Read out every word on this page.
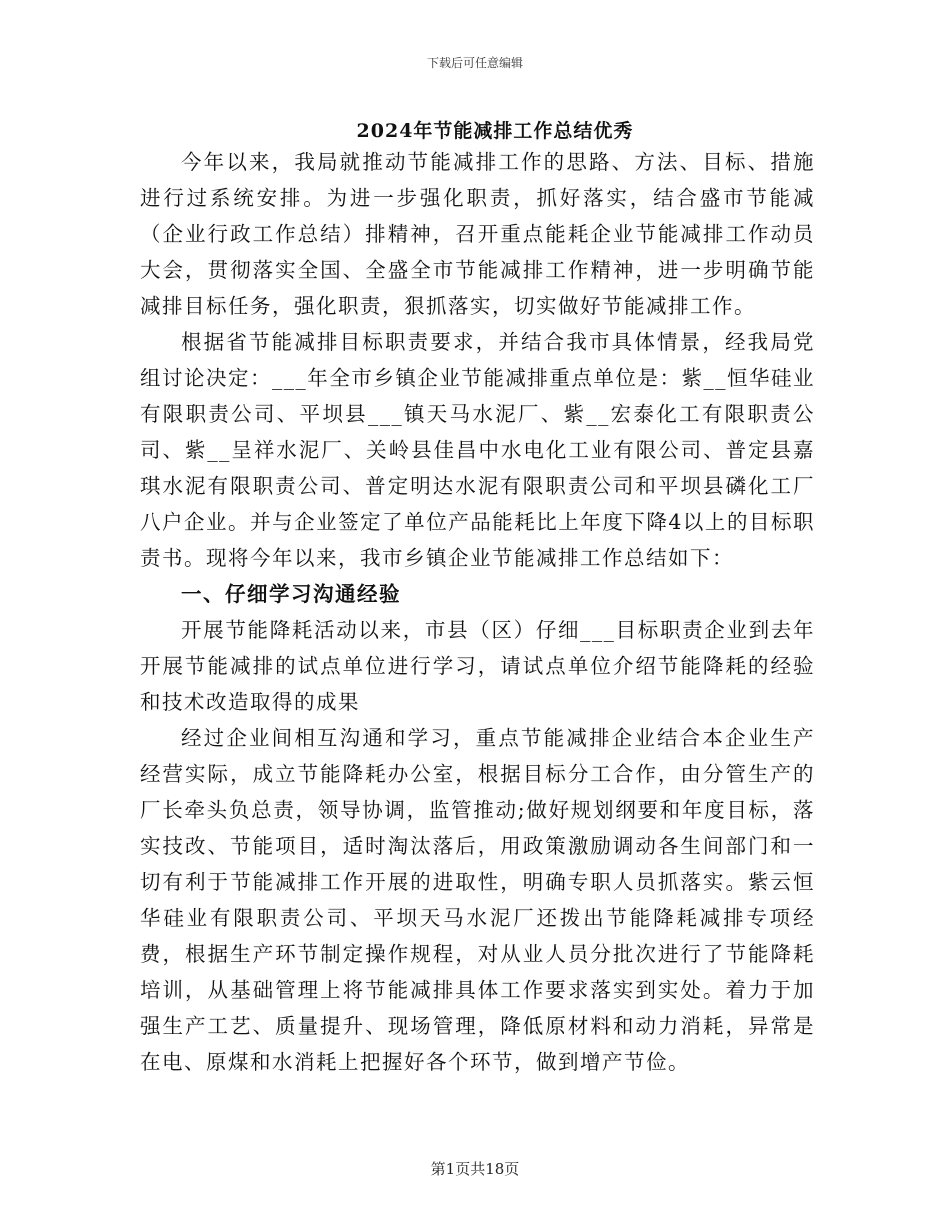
下载后可任意编辑
2024年节能减排工作总结优秀

今年以来，我局就推动节能减排工作的思路、方法、目标、措施进行过系统安排。为进一步强化职责，抓好落实，结合盛市节能减（企业行政工作总结）排精神，召开重点能耗企业节能减排工作动员大会，贯彻落实全国、全盛全市节能减排工作精神，进一步明确节能减排目标任务，强化职责，狠抓落实，切实做好节能减排工作。

根据省节能减排目标职责要求，并结合我市具体情景，经我局党组讨论决定：___年全市乡镇企业节能减排重点单位是：紫__恒华硅业有限职责公司、平坝县___镇天马水泥厂、紫__宏泰化工有限职责公司、紫__呈祥水泥厂、关岭县佳昌中水电化工业有限公司、普定县嘉琪水泥有限职责公司、普定明达水泥有限职责公司和平坝县磷化工厂八户企业。并与企业签定了单位产品能耗比上年度下降4以上的目标职责书。现将今年以来，我市乡镇企业节能减排工作总结如下：

一、仔细学习沟通经验

开展节能降耗活动以来，市县（区）仔细___目标职责企业到去年开展节能减排的试点单位进行学习，请试点单位介绍节能降耗的经验和技术改造取得的成果

经过企业间相互沟通和学习，重点节能减排企业结合本企业生产经营实际，成立节能降耗办公室，根据目标分工合作，由分管生产的厂长牵头负总责，领导协调，监管推动;做好规划纲要和年度目标，落实技改、节能项目，适时淘汰落后，用政策激励调动各生间部门和一切有利于节能减排工作开展的进取性，明确专职人员抓落实。紫云恒华硅业有限职责公司、平坝天马水泥厂还拨出节能降耗减排专项经费，根据生产环节制定操作规程，对从业人员分批次进行了节能降耗培训，从基础管理上将节能减排具体工作要求落实到实处。着力于加强生产工艺、质量提升、现场管理，降低原材料和动力消耗，异常是在电、原煤和水消耗上把握好各个环节，做到增产节俭。

第1页共18页
